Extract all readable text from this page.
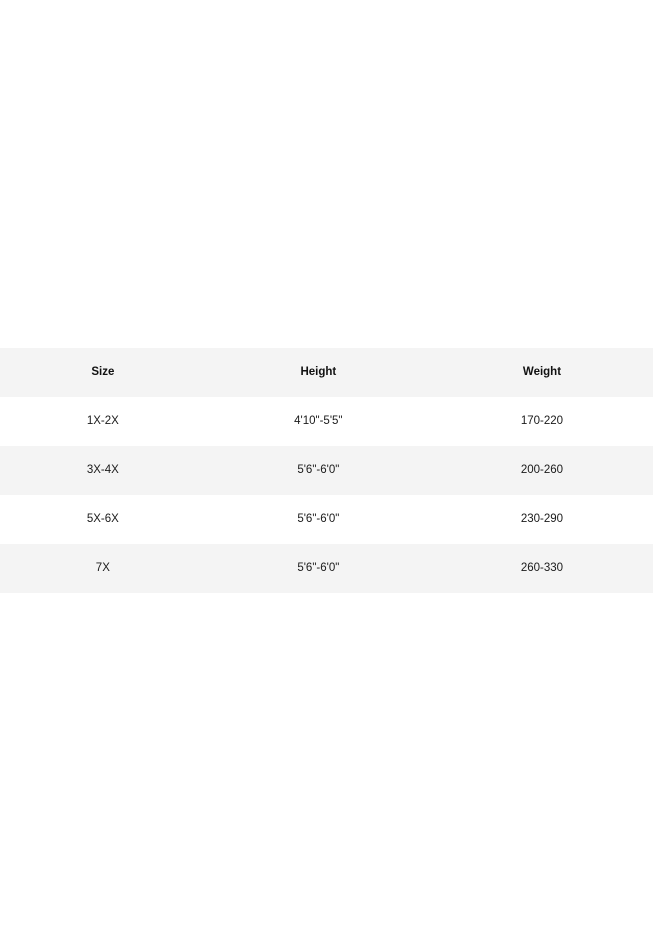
Size	Height	Weight
1X-2X	4'10"-5'5"	170-220
3X-4X	5'6"-6'0"	200-260
5X-6X	5'6"-6'0"	230-290
7X	5'6"-6'0"	260-330
